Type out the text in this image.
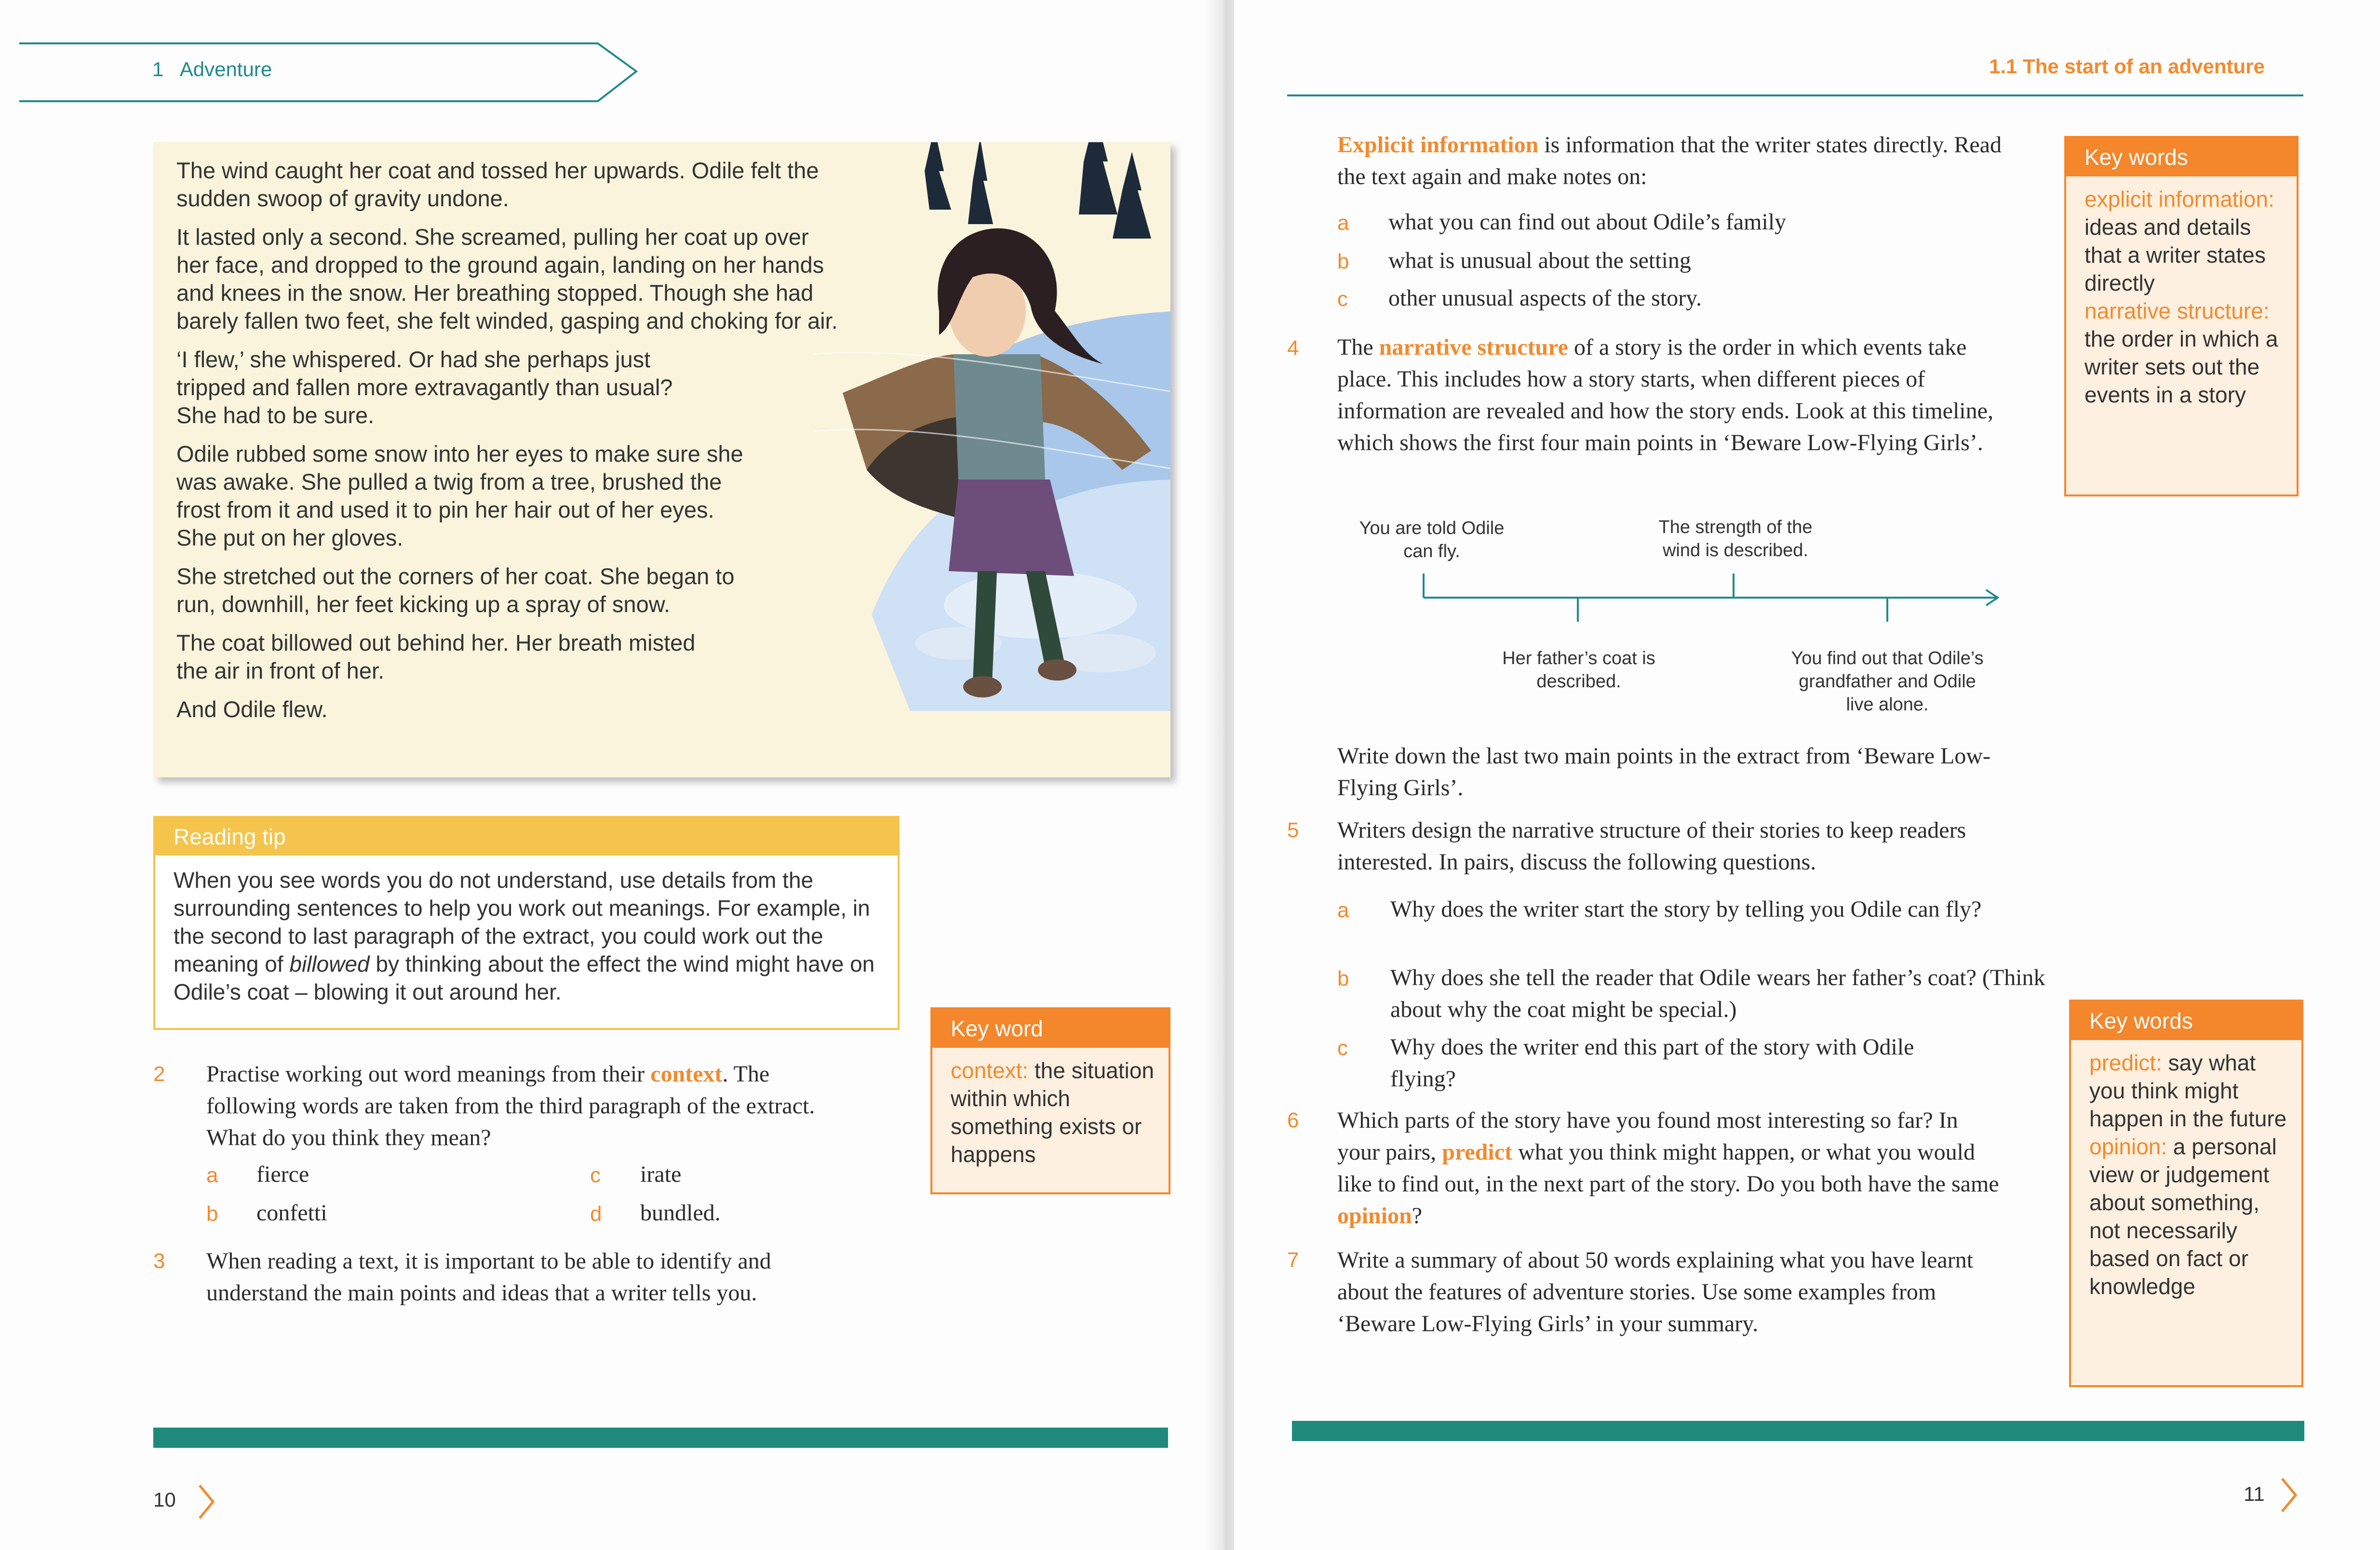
1 Adventure

The wind caught her coat and tossed her upwards. Odile felt the sudden swoop of gravity undone.

It lasted only a second. She screamed, pulling her coat up over her face, and dropped to the ground again, landing on her hands and knees in the snow. Her breathing stopped. Though she had barely fallen two feet, she felt winded, gasping and choking for air.

‘I flew,’ she whispered. Or had she perhaps just tripped and fallen more extravagantly than usual? She had to be sure.

Odile rubbed some snow into her eyes to make sure she was awake. She pulled a twig from a tree, brushed the frost from it and used it to pin her hair out of her eyes. She put on her gloves.

She stretched out the corners of her coat. She began to run, downhill, her feet kicking up a spray of snow.

The coat billowed out behind her. Her breath misted the air in front of her.

And Odile flew.

Reading tip
When you see words you do not understand, use details from the surrounding sentences to help you work out meanings. For example, in the second to last paragraph of the extract, you could work out the meaning of billowed by thinking about the effect the wind might have on Odile’s coat – blowing it out around her.
Key word
context: the situation within which something exists or happens
2 Practise working out word meanings from their context. The following words are taken from the third paragraph of the extract. What do you think they mean?
a fierce
b confetti
c irate
d bundled.
3 When reading a text, it is important to be able to identify and understand the main points and ideas that a writer tells you.
10
1.1 The start of an adventure
Explicit information is information that the writer states directly. Read the text again and make notes on:
a what you can find out about Odile’s family
b what is unusual about the setting
c other unusual aspects of the story.
4 The narrative structure of a story is the order in which events take place. This includes how a story starts, when different pieces of information are revealed and how the story ends. Look at this timeline, which shows the first four main points in ‘Beware Low-Flying Girls’.
You are told Odile can fly.
Her father’s coat is described.
The strength of the wind is described.
You find out that Odile’s grandfather and Odile live alone.
Write down the last two main points in the extract from ‘Beware Low-Flying Girls’.
5 Writers design the narrative structure of their stories to keep readers interested. In pairs, discuss the following questions.
a Why does the writer start the story by telling you Odile can fly?
b Why does she tell the reader that Odile wears her father’s coat? (Think about why the coat might be special.)
c Why does the writer end this part of the story with Odile flying?
6 Which parts of the story have you found most interesting so far? In your pairs, predict what you think might happen, or what you would like to find out, in the next part of the story. Do you both have the same opinion?
7 Write a summary of about 50 words explaining what you have learnt about the features of adventure stories. Use some examples from ‘Beware Low-Flying Girls’ in your summary.
Key words
explicit information: ideas and details that a writer states directly
narrative structure: the order in which a writer sets out the events in a story
Key words
predict: say what you think might happen in the future
opinion: a personal view or judgement about something, not necessarily based on fact or knowledge
11
